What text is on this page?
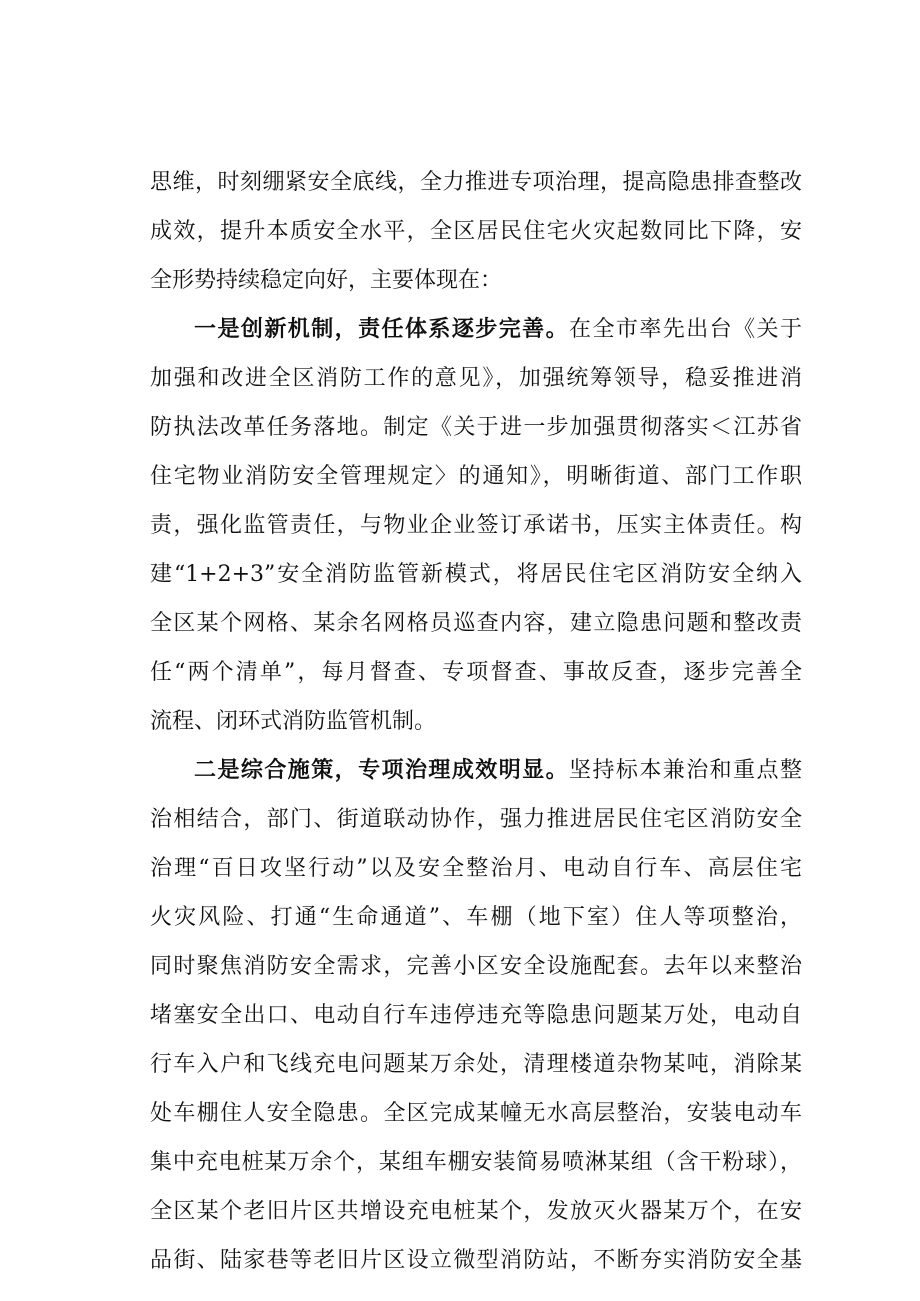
思维，时刻绷紧安全底线，全力推进专项治理，提高隐患排查整改
成效，提升本质安全水平，全区居民住宅火灾起数同比下降，安
全形势持续稳定向好，主要体现在：
一是创新机制，责任体系逐步完善。在全市率先出台《关于
加强和改进全区消防工作的意见》，加强统筹领导，稳妥推进消
防执法改革任务落地。制定《关于进一步加强贯彻落实＜江苏省
住宅物业消防安全管理规定〉的通知》，明晰街道、部门工作职
责，强化监管责任，与物业企业签订承诺书，压实主体责任。构
建“1+2+3”安全消防监管新模式，将居民住宅区消防安全纳入
全区某个网格、某余名网格员巡查内容，建立隐患问题和整改责
任“两个清单”，每月督查、专项督查、事故反查，逐步完善全
流程、闭环式消防监管机制。
二是综合施策，专项治理成效明显。坚持标本兼治和重点整
治相结合，部门、街道联动协作，强力推进居民住宅区消防安全
治理“百日攻坚行动”以及安全整治月、电动自行车、高层住宅
火灾风险、打通“生命通道”、车棚（地下室）住人等项整治，
同时聚焦消防安全需求，完善小区安全设施配套。去年以来整治
堵塞安全出口、电动自行车违停违充等隐患问题某万处，电动自
行车入户和飞线充电问题某万余处，清理楼道杂物某吨，消除某
处车棚住人安全隐患。全区完成某幢无水高层整治，安装电动车
集中充电桩某万余个，某组车棚安装简易喷淋某组（含干粉球），
全区某个老旧片区共增设充电桩某个，发放灭火器某万个，在安
品街、陆家巷等老旧片区设立微型消防站，不断夯实消防安全基
